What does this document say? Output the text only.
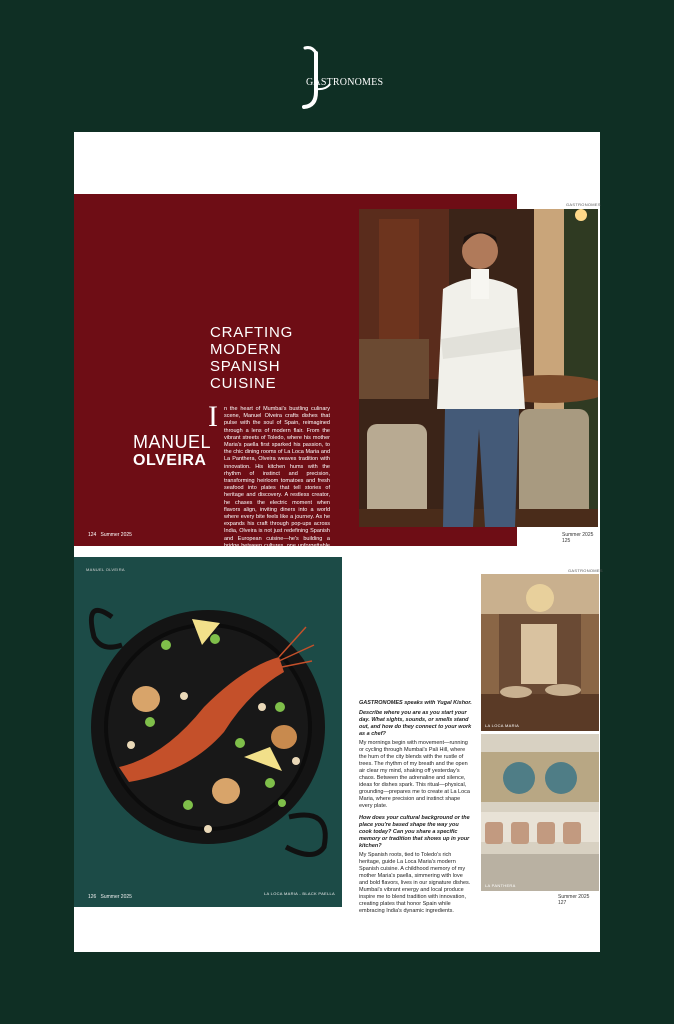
GASTRONOMES
GASTRONOMES
CRAFTING
MODERN
SPANISH
CUISINE
MANUEL
OLVEIRA
I n the heart of Mumbai's bustling culinary scene, Manuel Olveira crafts dishes that pulse with the soul of Spain, reimagined through a lens of modern flair. From the vibrant streets of Toledo, where his mother Maria's paella first sparked his passion, to the chic dining rooms of La Loca Maria and La Panthera, Olveira weaves tradition with innovation. His kitchen hums with the rhythm of instinct and precision, transforming heirloom tomatoes and fresh seafood into plates that tell stories of heritage and discovery. A restless creator, he chases the electric moment when flavors align, inviting diners into a world where every bite feels like a journey. As he expands his craft through pop-ups across India, Olveira is not just redefining Spanish and European cuisine—he's building a bridge between cultures, one unforgettable dish at a time.
124 Summer 2025	Summer 2025   125
MANUEL OLVEIRA
LA LOCA MARIA - BLACK PAELLA
126 Summer 2025
GASTRONOMES speaks with Yugal Kishor.
Describe where you are as you start your day. What sights, sounds, or smells stand out, and how do they connect to your work as a chef?
My mornings begin with movement—running or cycling through Mumbai's Pali Hill, where the hum of the city blends with the rustle of trees. The rhythm of my breath and the open air clear my mind, shaking off yesterday's chaos. Between the adrenaline and silence, ideas for dishes spark. This ritual—physical, grounding—prepares me to create at La Loca Maria, where precision and instinct shape every plate.
How does your cultural background or the place you're based shape the way you cook today? Can you share a specific memory or tradition that shows up in your kitchen?
My Spanish roots, tied to Toledo's rich heritage, guide La Loca Maria's modern Spanish cuisine. A childhood memory of my mother Maria's paella, simmering with love and bold flavors, lives in our signature dishes. Mumbai's vibrant energy and local produce inspire me to blend tradition with innovation, creating plates that honor Spain while embracing India's dynamic ingredients.
GASTRONOMES
LA LOCA MARIA
LA PANTHERA
Summer 2025   127
